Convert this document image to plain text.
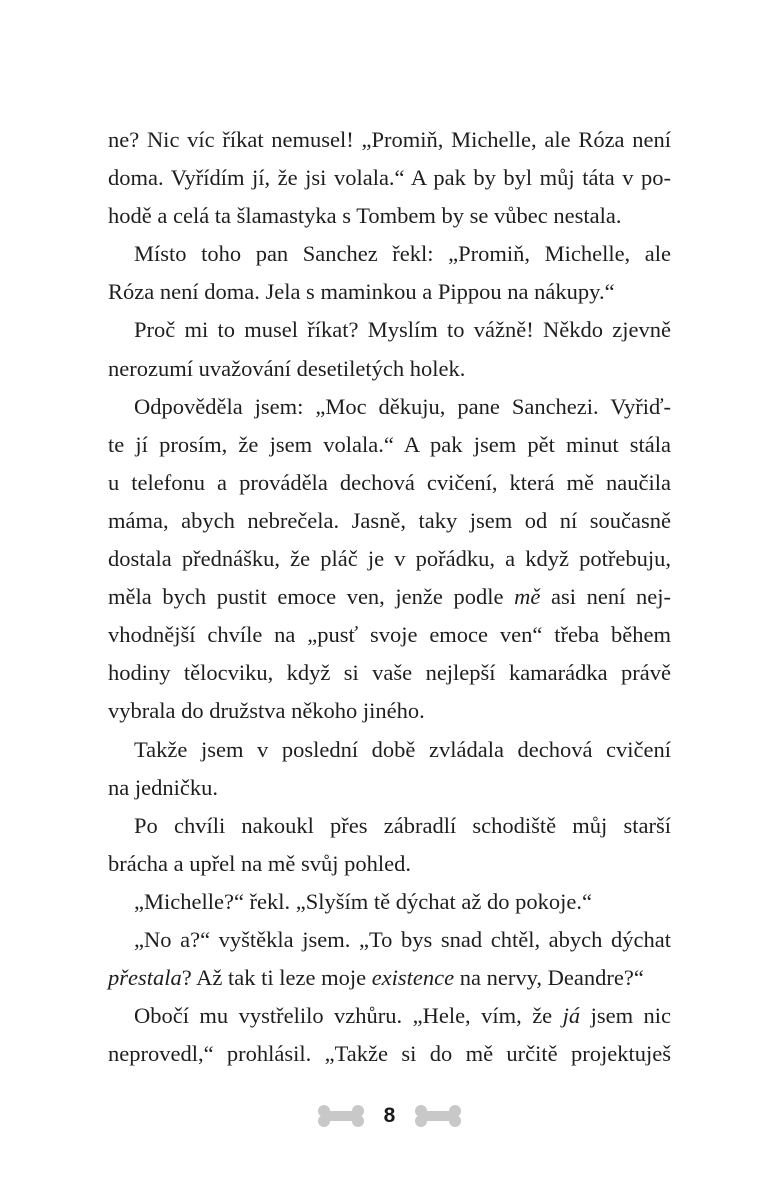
ne? Nic víc říkat nemusel! „Promiň, Michelle, ale Róza není

doma. Vyřídím jí, že jsi volala.“ A pak by byl můj táta v po-

hodě a celá ta šlamastyka s Tombem by se vůbec nestala.

Místo toho pan Sanchez řekl: „Promiň, Michelle, ale

Róza není doma. Jela s maminkou a Pippou na nákupy.“

Proč mi to musel říkat? Myslím to vážně! Někdo zjevně

nerozumí uvažování desetiletých holek.

Odpověděla jsem: „Moc děkuju, pane Sanchezi. Vyřiď-

te jí prosím, že jsem volala.“ A pak jsem pět minut stála

u telefonu a prováděla dechová cvičení, která mě naučila

máma, abych nebrečela. Jasně, taky jsem od ní současně

dostala přednášku, že pláč je v pořádku, a když potřebuju,

měla bych pustit emoce ven, jenže podle mě asi není nej-

vhodnější chvíle na „pusť svoje emoce ven“ třeba během

hodiny tělocviku, když si vaše nejlepší kamarádka právě

vybrala do družstva někoho jiného.

Takže jsem v poslední době zvládala dechová cvičení

na jedničku.

Po chvíli nakoukl přes zábradlí schodiště můj starší

brácha a upřel na mě svůj pohled.

„Michelle?“ řekl. „Slyším tě dýchat až do pokoje.“

„No a?“ vyštěkla jsem. „To bys snad chtěl, abych dýchat

přestala? Až tak ti leze moje existence na nervy, Deandre?“

Obočí mu vystřelilo vzhůru. „Hele, vím, že já jsem nic

neprovedl,“ prohlásil. „Takže si do mě určitě projektuješ

8
